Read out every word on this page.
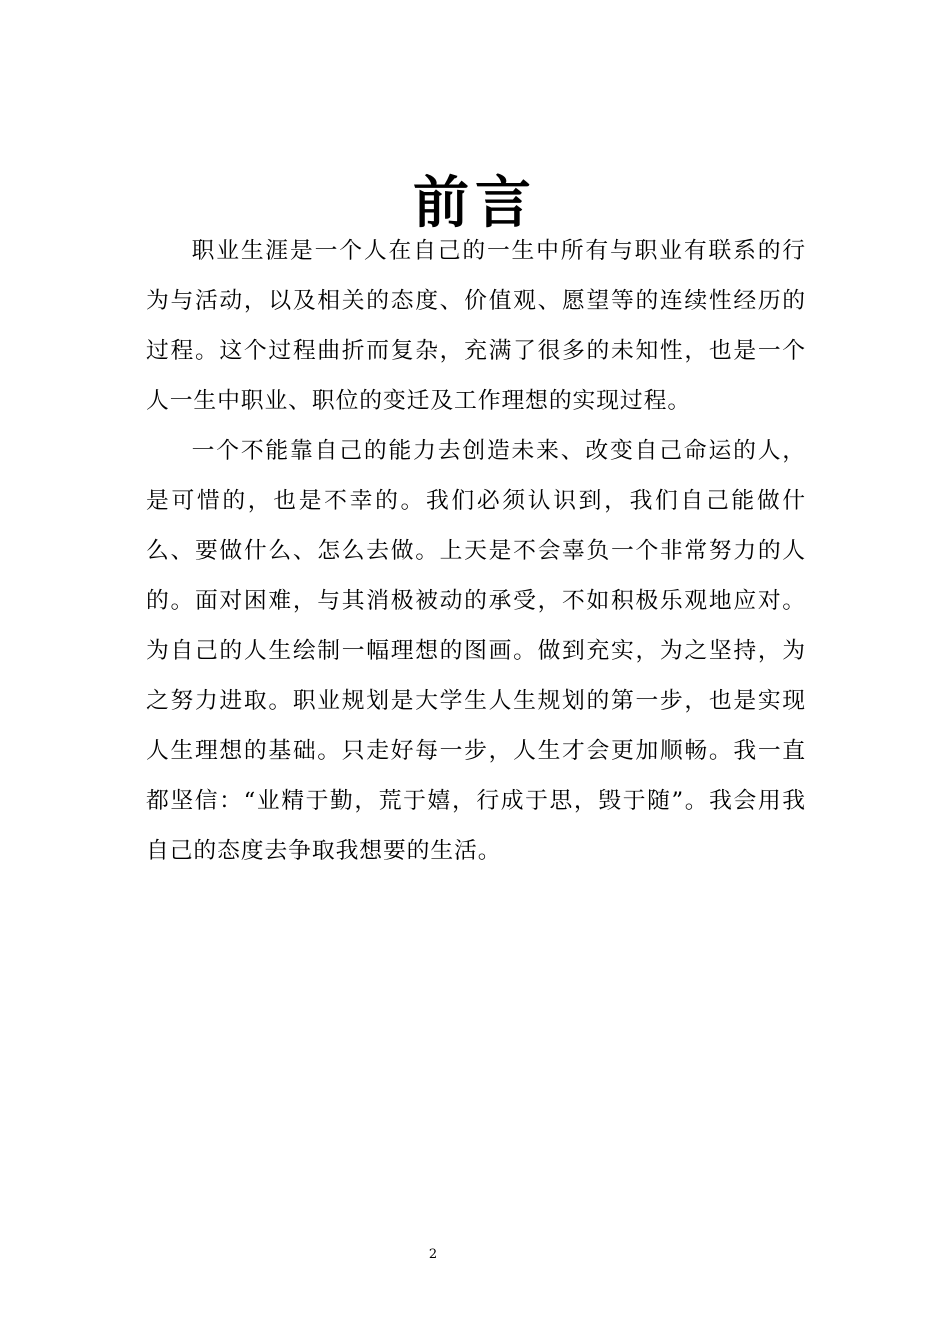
前言

职业生涯是一个人在自己的一生中所有与职业有联系的行为与活动，以及相关的态度、价值观、愿望等的连续性经历的过程。这个过程曲折而复杂，充满了很多的未知性，也是一个人一生中职业、职位的变迁及工作理想的实现过程。

一个不能靠自己的能力去创造未来、改变自己命运的人，是可惜的，也是不幸的。我们必须认识到，我们自己能做什么、要做什么、怎么去做。上天是不会辜负一个非常努力的人的。面对困难，与其消极被动的承受，不如积极乐观地应对。为自己的人生绘制一幅理想的图画。做到充实，为之坚持，为之努力进取。职业规划是大学生人生规划的第一步，也是实现人生理想的基础。只走好每一步，人生才会更加顺畅。我一直都坚信：“业精于勤，荒于嬉，行成于思，毁于随”。我会用我自己的态度去争取我想要的生活。

2
